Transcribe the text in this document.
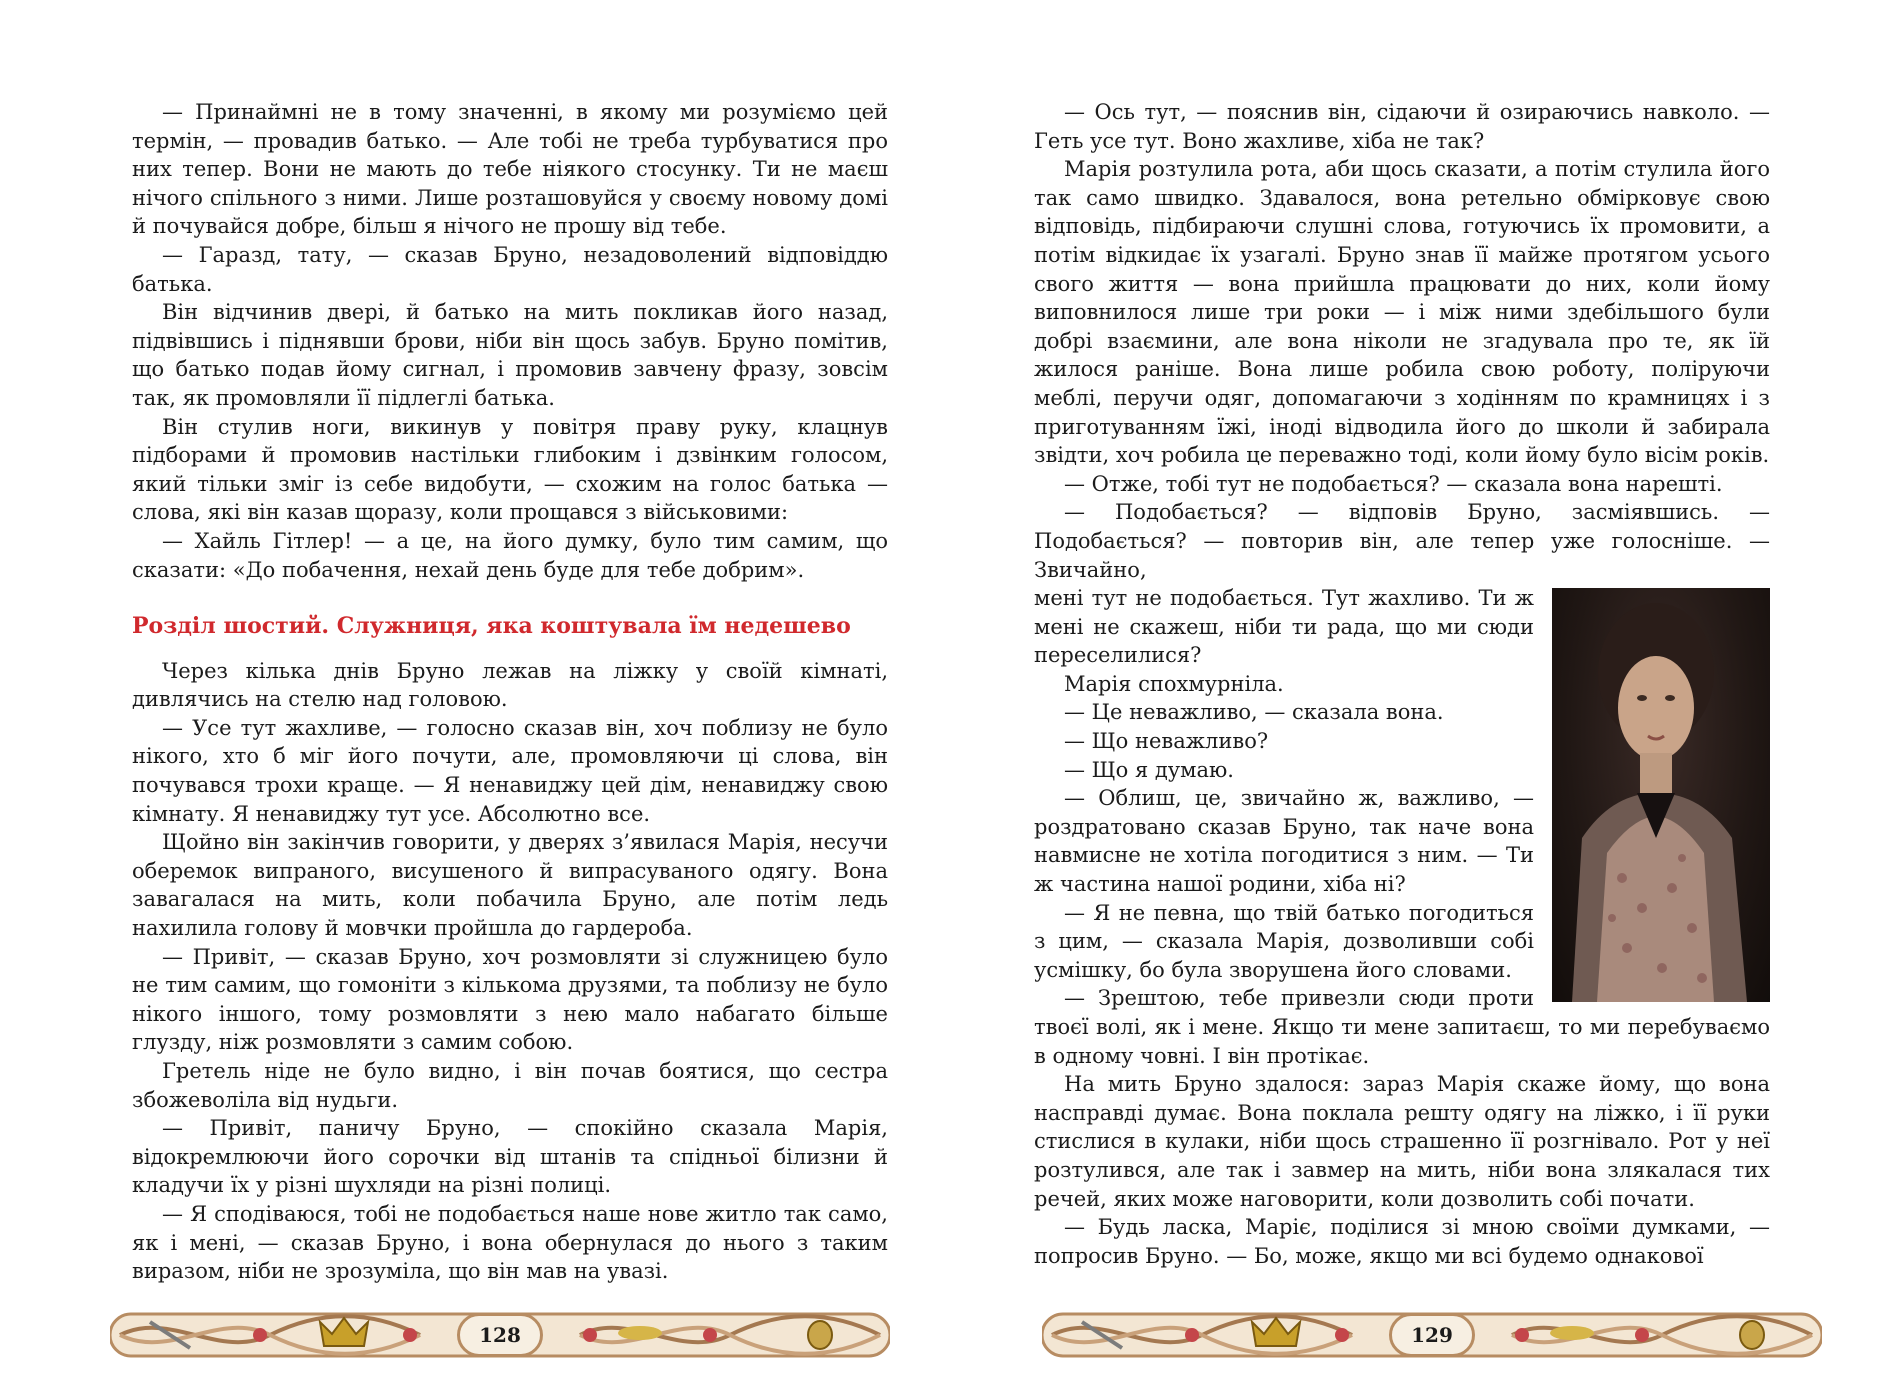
— Принаймні не в тому значенні, в якому ми розуміємо цей термін, — провадив батько. — Але тобі не треба турбуватися про них тепер. Вони не мають до тебе ніякого стосунку. Ти не маєш нічого спільного з ними. Лише розташовуйся у своєму новому домі й почувайся добре, більш я нічого не прошу від тебе.

— Гаразд, тату, — сказав Бруно, незадоволений відповіддю батька.

Він відчинив двері, й батько на мить покликав його назад, підвівшись і піднявши брови, ніби він щось забув. Бруно помітив, що батько подав йому сигнал, і промовив завчену фразу, зовсім так, як промовляли її підлеглі батька.

Він стулив ноги, викинув у повітря праву руку, клацнув підборами й промовив настільки глибоким і дзвінким голосом, який тільки зміг із себе видобути, — схожим на голос батька — слова, які він казав щоразу, коли прощався з військовими:

— Хайль Гітлер! — а це, на його думку, було тим самим, що сказати: «До побачення, нехай день буде для тебе добрим».

Розділ шостий. Служниця, яка коштувала їм недешево

Через кілька днів Бруно лежав на ліжку у своїй кімнаті, дивлячись на стелю над головою.

— Усе тут жахливе, — голосно сказав він, хоч поблизу не було нікого, хто б міг його почути, але, промовляючи ці слова, він почувався трохи краще. — Я ненавиджу цей дім, ненавиджу свою кімнату. Я ненавиджу тут усе. Абсолютно все.

Щойно він закінчив говорити, у дверях з’явилася Марія, несучи оберемок випраного, висушеного й випрасуваного одягу. Вона завагалася на мить, коли побачила Бруно, але потім ледь нахилила голову й мовчки пройшла до гардероба.

— Привіт, — сказав Бруно, хоч розмовляти зі служницею було не тим самим, що гомоніти з кількома друзями, та поблизу не було нікого іншого, тому розмовляти з нею мало набагато більше глузду, ніж розмовляти з самим собою.

Гретель ніде не було видно, і він почав боятися, що сестра збожеволіла від нудьги.

— Привіт, паничу Бруно, — спокійно сказала Марія, відокремлюючи його сорочки від штанів та спідньої білизни й кладучи їх у різні шухляди на різні полиці.

— Я сподіваюся, тобі не подобається наше нове житло так само, як і мені, — сказав Бруно, і вона обернулася до нього з таким виразом, ніби не зрозуміла, що він мав на увазі.

128

— Ось тут, — пояснив він, сідаючи й озираючись навколо. — Геть усе тут. Воно жахливе, хіба не так?

Марія розтулила рота, аби щось сказати, а потім стулила його так само швидко. Здавалося, вона ретельно обмірковує свою відповідь, підбираючи слушні слова, готуючись їх промовити, а потім відкидає їх узагалі. Бруно знав її майже протягом усього свого життя — вона прийшла працювати до них, коли йому виповнилося лише три роки — і між ними здебільшого були добрі взаємини, але вона ніколи не згадувала про те, як їй жилося раніше. Вона лише робила свою роботу, поліруючи меблі, перучи одяг, допомагаючи з ходінням по крамницях і з приготуванням їжі, іноді відводила його до школи й забирала звідти, хоч робила це переважно тоді, коли йому було вісім років.

— Отже, тобі тут не подобається? — сказала вона нарешті.

— Подобається? — відповів Бруно, засміявшись. — Подобається? — повторив він, але тепер уже голосніше. — Звичайно,

мені тут не подобається. Тут жахливо. Ти ж мені не скажеш, ніби ти рада, що ми сюди переселилися?

Марія спохмурніла.

— Це неважливо, — сказала вона.

— Що неважливо?

— Що я думаю.

— Облиш, це, звичайно ж, важливо, — роздратовано сказав Бруно, так наче вона навмисне не хотіла погодитися з ним. — Ти ж частина нашої родини, хіба ні?

— Я не певна, що твій батько погодиться з цим, — сказала Марія, дозволивши собі усмішку, бо була зворушена його словами.

— Зрештою, тебе привезли сюди проти твоєї волі, як і мене. Якщо ти мене запитаєш, то ми перебуваємо в одному човні. І він протікає.

На мить Бруно здалося: зараз Марія скаже йому, що вона насправді думає. Вона поклала решту одягу на ліжко, і її руки стислися в кулаки, ніби щось страшенно її розгнівало. Рот у неї розтулився, але так і завмер на мить, ніби вона злякалася тих речей, яких може наговорити, коли дозволить собі почати.

— Будь ласка, Маріє, поділися зі мною своїми думками, — попросив Бруно. — Бо, може, якщо ми всі будемо однакової

129
